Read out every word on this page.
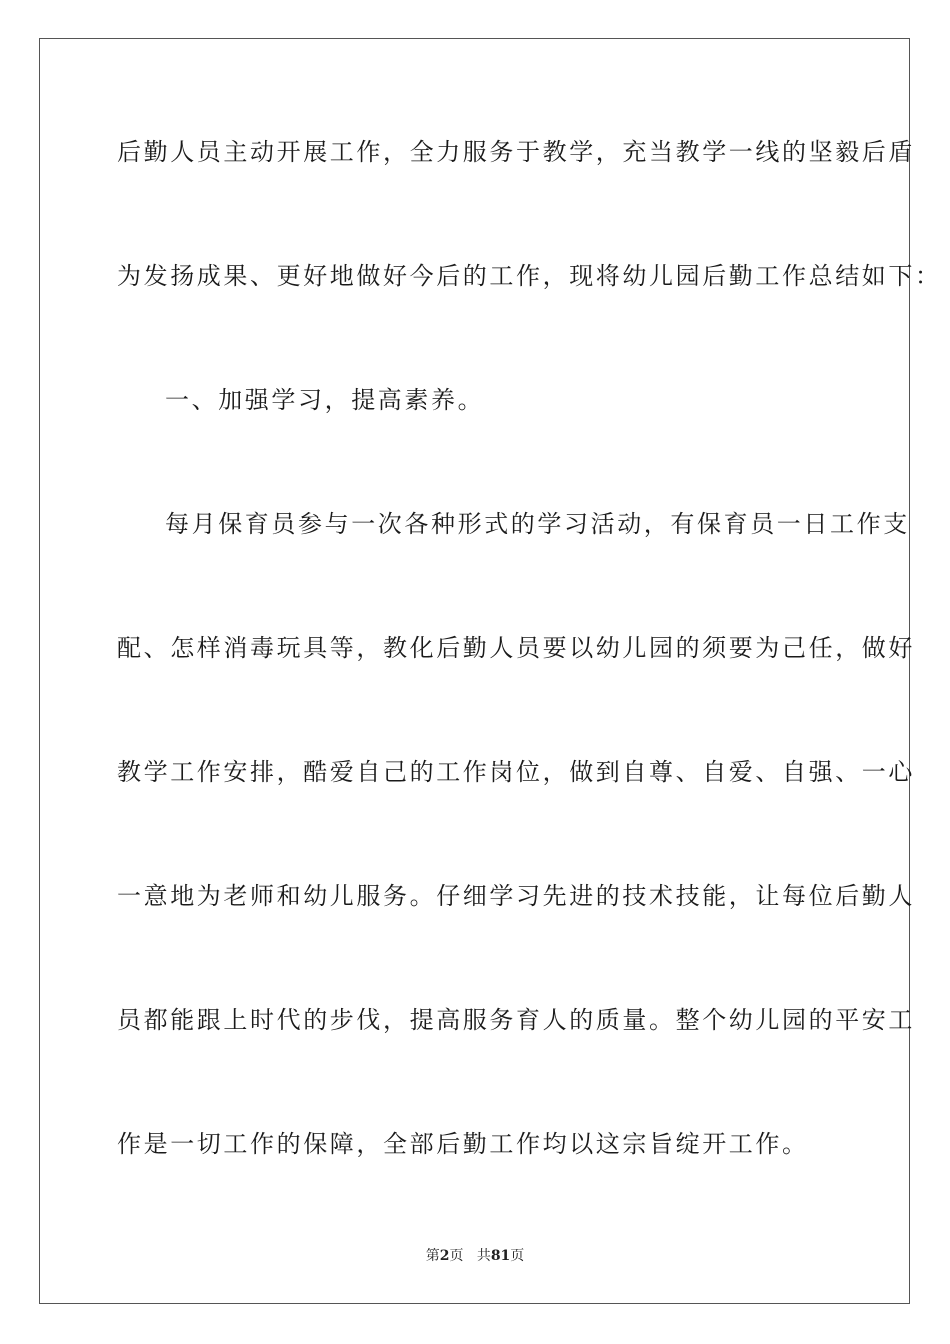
后勤人员主动开展工作，全力服务于教学，充当教学一线的坚毅后盾
为发扬成果、更好地做好今后的工作，现将幼儿园后勤工作总结如下：
一、加强学习，提高素养。
每月保育员参与一次各种形式的学习活动，有保育员一日工作支
配、怎样消毒玩具等，教化后勤人员要以幼儿园的须要为己任，做好
教学工作安排，酷爱自己的工作岗位，做到自尊、自爱、自强、一心
一意地为老师和幼儿服务。仔细学习先进的技术技能，让每位后勤人
员都能跟上时代的步伐，提高服务育人的质量。整个幼儿园的平安工
作是一切工作的保障，全部后勤工作均以这宗旨绽开工作。
第2页 共81页
